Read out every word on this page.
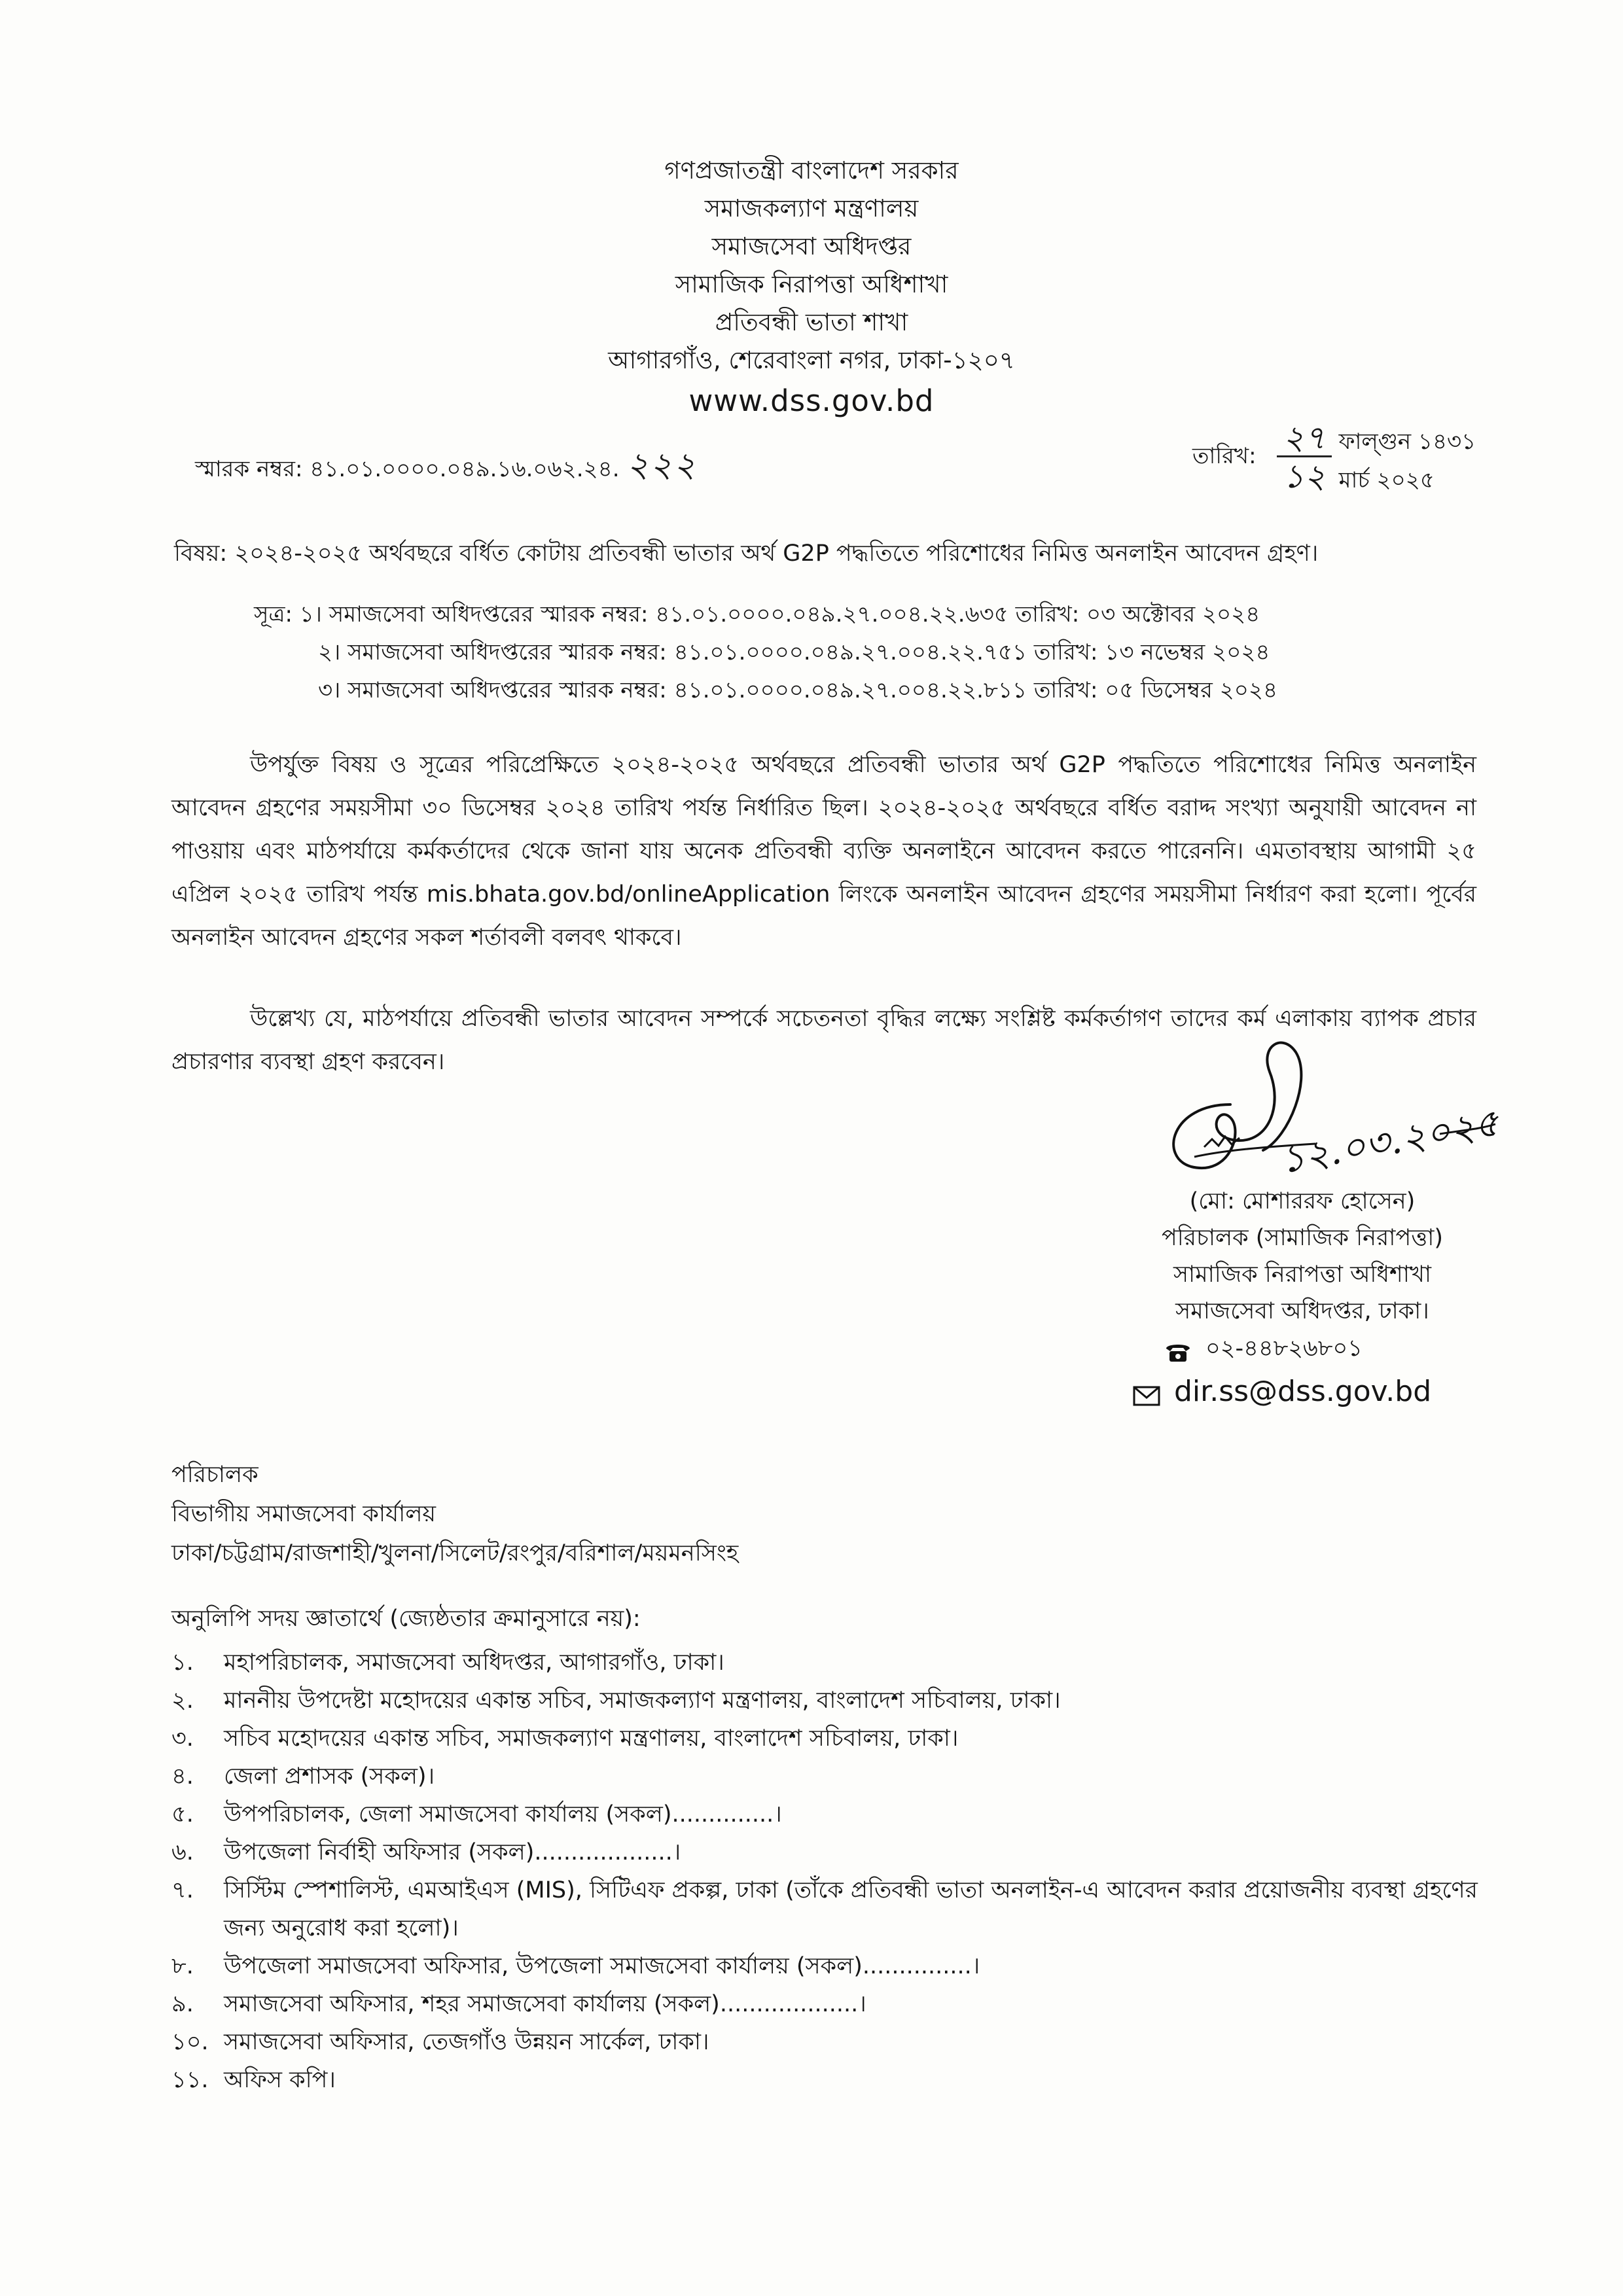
গণপ্রজাতন্ত্রী বাংলাদেশ সরকার
সমাজকল্যাণ মন্ত্রণালয়
সমাজসেবা অধিদপ্তর
সামাজিক নিরাপত্তা অধিশাখা
প্রতিবন্ধী ভাতা শাখা
আগারগাঁও, শেরেবাংলা নগর, ঢাকা-১২০৭
www.dss.gov.bd
স্মারক নম্বর: ৪১.০১.০০০০.০৪৯.১৬.০৬২.২৪. ২২২
২৭ ফাল্গুন ১৪৩১
তারিখ:
১২ মার্চ ২০২৫
বিষয়: ২০২৪-২০২৫ অর্থবছরে বর্ধিত কোটায় প্রতিবন্ধী ভাতার অর্থ G2P পদ্ধতিতে পরিশোধের নিমিত্ত অনলাইন আবেদন গ্রহণ।
সূত্র: ১। সমাজসেবা অধিদপ্তরের স্মারক নম্বর: ৪১.০১.০০০০.০৪৯.২৭.০০৪.২২.৬৩৫ তারিখ: ০৩ অক্টোবর ২০২৪
২। সমাজসেবা অধিদপ্তরের স্মারক নম্বর: ৪১.০১.০০০০.০৪৯.২৭.০০৪.২২.৭৫১ তারিখ: ১৩ নভেম্বর ২০২৪
৩। সমাজসেবা অধিদপ্তরের স্মারক নম্বর: ৪১.০১.০০০০.০৪৯.২৭.০০৪.২২.৮১১ তারিখ: ০৫ ডিসেম্বর ২০২৪

উপর্যুক্ত বিষয় ও সূত্রের পরিপ্রেক্ষিতে ২০২৪-২০২৫ অর্থবছরে প্রতিবন্ধী ভাতার অর্থ G2P পদ্ধতিতে পরিশোধের নিমিত্ত অনলাইন আবেদন গ্রহণের সময়সীমা ৩০ ডিসেম্বর ২০২৪ তারিখ পর্যন্ত নির্ধারিত ছিল। ২০২৪-২০২৫ অর্থবছরে বর্ধিত বরাদ্দ সংখ্যা অনুযায়ী আবেদন না পাওয়ায় এবং মাঠপর্যায়ে কর্মকর্তাদের থেকে জানা যায় অনেক প্রতিবন্ধী ব্যক্তি অনলাইনে আবেদন করতে পারেননি। এমতাবস্থায় আগামী ২৫ এপ্রিল ২০২৫ তারিখ পর্যন্ত mis.bhata.gov.bd/onlineApplication লিংকে অনলাইন আবেদন গ্রহণের সময়সীমা নির্ধারণ করা হলো। পূর্বের অনলাইন আবেদন গ্রহণের সকল শর্তাবলী বলবৎ থাকবে।

উল্লেখ্য যে, মাঠপর্যায়ে প্রতিবন্ধী ভাতার আবেদন সম্পর্কে সচেতনতা বৃদ্ধির লক্ষ্যে সংশ্লিষ্ট কর্মকর্তাগণ তাদের কর্ম এলাকায় ব্যাপক প্রচার প্রচারণার ব্যবস্থা গ্রহণ করবেন।

১২.০৩.২০২৫
(মো: মোশাররফ হোসেন)
পরিচালক (সামাজিক নিরাপত্তা)
সামাজিক নিরাপত্তা অধিশাখা
সমাজসেবা অধিদপ্তর, ঢাকা।
০২-৪৪৮২৬৮০১
dir.ss@dss.gov.bd
পরিচালক
বিভাগীয় সমাজসেবা কার্যালয়
ঢাকা/চট্টগ্রাম/রাজশাহী/খুলনা/সিলেট/রংপুর/বরিশাল/ময়মনসিংহ
অনুলিপি সদয় জ্ঞাতার্থে (জ্যেষ্ঠতার ক্রমানুসারে নয়):
১.	মহাপরিচালক, সমাজসেবা অধিদপ্তর, আগারগাঁও, ঢাকা।
২.	মাননীয় উপদেষ্টা মহোদয়ের একান্ত সচিব, সমাজকল্যাণ মন্ত্রণালয়, বাংলাদেশ সচিবালয়, ঢাকা।
৩.	সচিব মহোদয়ের একান্ত সচিব, সমাজকল্যাণ মন্ত্রণালয়, বাংলাদেশ সচিবালয়, ঢাকা।
৪.	জেলা প্রশাসক (সকল)।
৫.	উপপরিচালক, জেলা সমাজসেবা কার্যালয় (সকল)..............।
৬.	উপজেলা নির্বাহী অফিসার (সকল)...................।
৭.	সিস্টিম স্পেশালিস্ট, এমআইএস (MIS), সিটিএফ প্রকল্প, ঢাকা (তাঁকে প্রতিবন্ধী ভাতা অনলাইন-এ আবেদন করার প্রয়োজনীয় ব্যবস্থা গ্রহণের জন্য অনুরোধ করা হলো)।
৮.	উপজেলা সমাজসেবা অফিসার, উপজেলা সমাজসেবা কার্যালয় (সকল)...............।
৯.	সমাজসেবা অফিসার, শহর সমাজসেবা কার্যালয় (সকল)...................।
১০. সমাজসেবা অফিসার, তেজগাঁও উন্নয়ন সার্কেল, ঢাকা।
১১. অফিস কপি।
